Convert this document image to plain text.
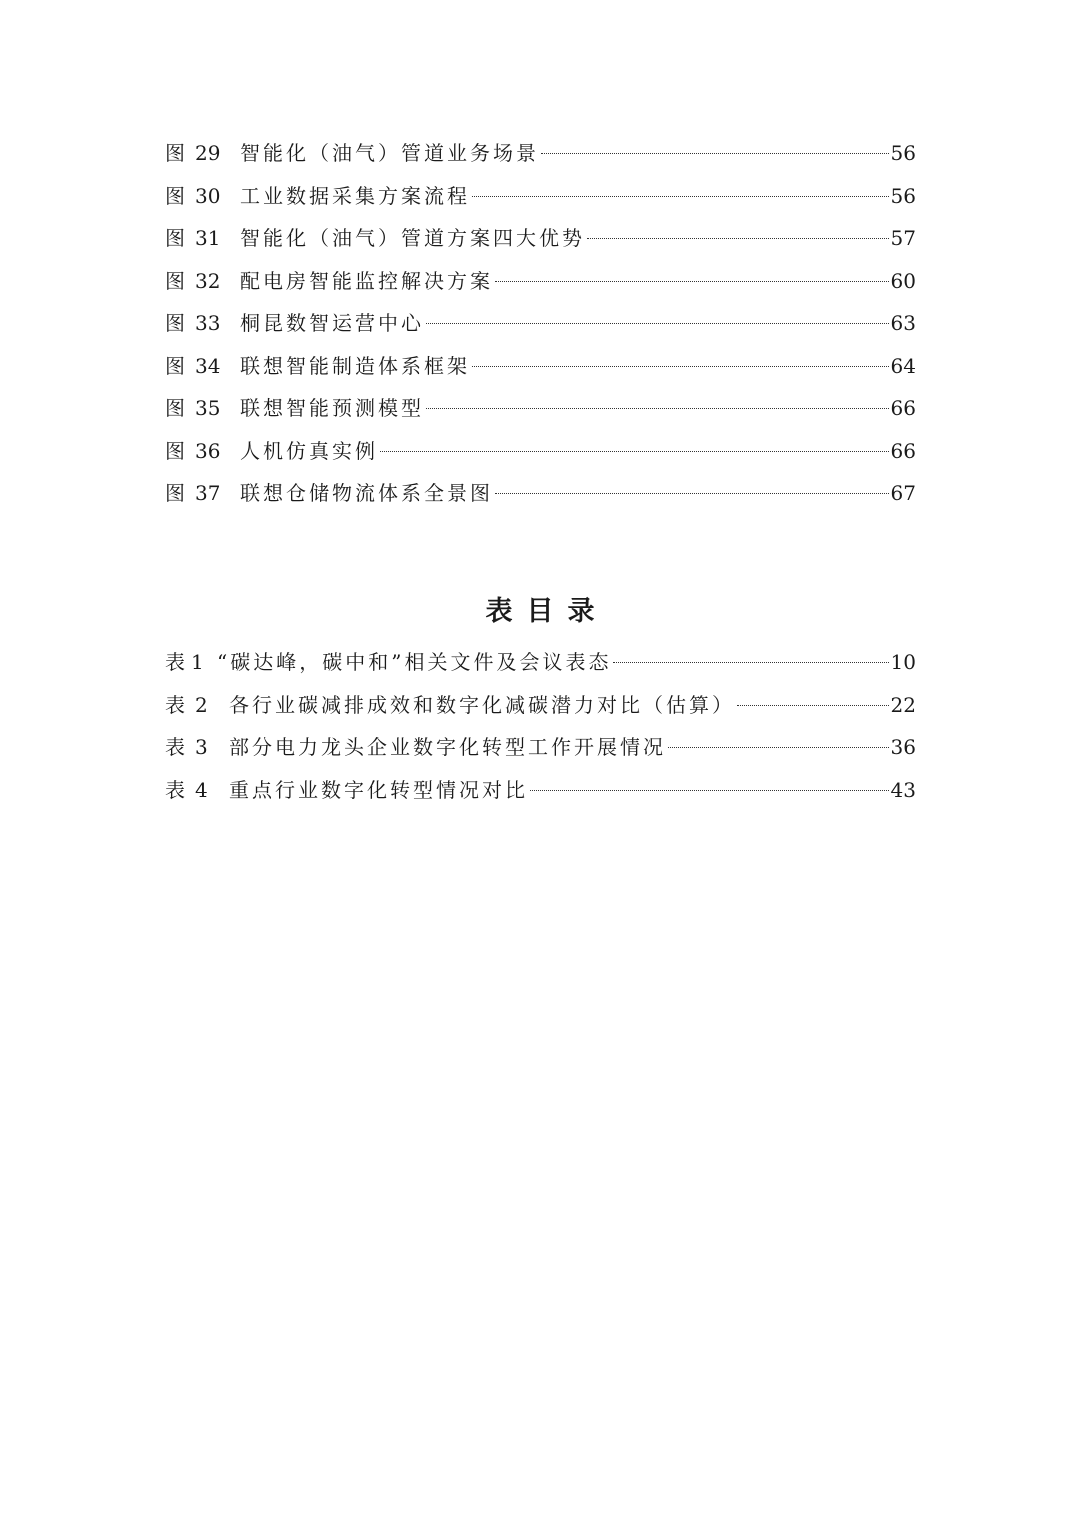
图 29 智能化（油气）管道业务场景	56
图 30 工业数据采集方案流程	56
图 31 智能化（油气）管道方案四大优势	57
图 32 配电房智能监控解决方案	60
图 33 桐昆数智运营中心	63
图 34 联想智能制造体系框架	64
图 35 联想智能预测模型	66
图 36 人机仿真实例	66
图 37 联想仓储物流体系全景图	67
表目录
表 1 “碳达峰，碳中和”相关文件及会议表态	10
表 2	各行业碳减排成效和数字化减碳潜力对比（估算）	22
表 3	部分电力龙头企业数字化转型工作开展情况	36
表 4	重点行业数字化转型情况对比	43
